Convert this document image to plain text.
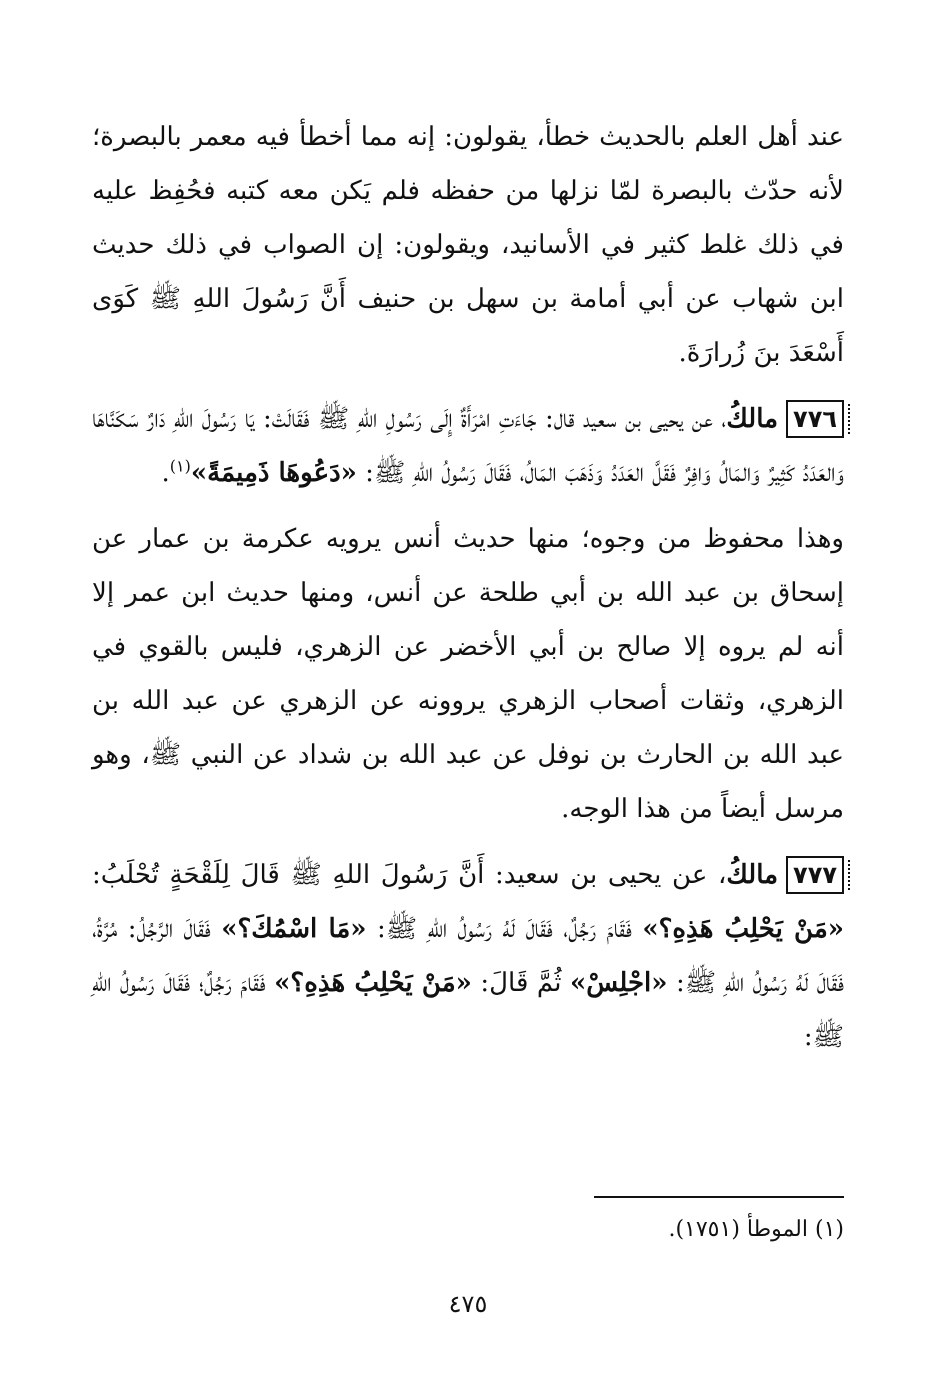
عند أهل العلم بالحديث خطأ، يقولون: إنه مما أخطأ فيه معمر بالبصرة؛ لأنه حدّث بالبصرة لمّا نزلها من حفظه فلم يَكن معه كتبه فحُفِظ عليه في ذلك غلط كثير في الأسانيد، ويقولون: إن الصواب في ذلك حديث ابن شهاب عن أبي أمامة بن سهل بن حنيف أَنَّ رَسُولَ اللهِ ﷺ كَوَى أَسْعَدَ بنَ زُرارَةَ.

٧٧٦مالكُ، عن يحيى بن سعيد قال: جَاءَتِ امْرَأَةٌ إِلَى رَسُولِ اللهِ ﷺ فَقَالَتْ: يَا رَسُولَ اللهِ دَارٌ سَكَنَّاهَا وَالعَدَدُ كَثِيرٌ وَالمَالُ وَافِرٌ فَقَلَّ العَدَدُ وَذَهَبَ المَالُ، فَقَالَ رَسُولُ اللهِ ﷺ: «دَعُوهَا ذَمِيمَةً»$^{(١)}$.

وهذا محفوظ من وجوه؛ منها حديث أنس يرويه عكرمة بن عمار عن إسحاق بن عبد الله بن أبي طلحة عن أنس، ومنها حديث ابن عمر إلا أنه لم يروه إلا صالح بن أبي الأخضر عن الزهري، فليس بالقوي في الزهري، وثقات أصحاب الزهري يروونه عن الزهري عن عبد الله بن عبد الله بن الحارث بن نوفل عن عبد الله بن شداد عن النبي ﷺ، وهو مرسل أيضاً من هذا الوجه.

٧٧٧مالكُ، عن يحيى بن سعيد: أَنَّ رَسُولَ اللهِ ﷺ قَالَ لِلَقْحَةٍ تُحْلَبُ: «مَنْ يَحْلِبُ هَذِهِ؟» فَقَامَ رَجُلٌ، فَقَالَ لَهُ رَسُولُ اللهِ ﷺ: «مَا اسْمُكَ؟» فَقَالَ الرَّجُلُ: مُرَّةُ، فَقَالَ لَهُ رَسُولُ اللهِ ﷺ: «اجْلِسْ» ثُمَّ قَالَ: «مَنْ يَحْلِبُ هَذِهِ؟» فَقَامَ رَجُلٌ؛ فَقَالَ رَسُولُ اللهِ ﷺ:

(١) الموطأ (١٧٥١).

٤٧٥
